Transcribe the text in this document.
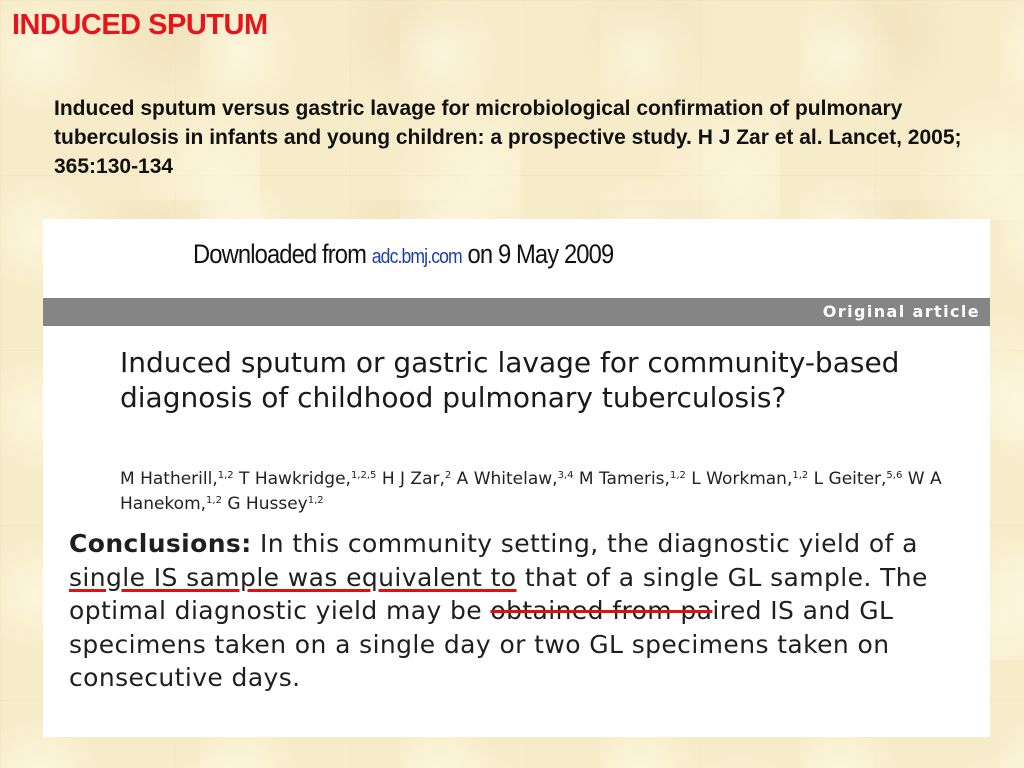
INDUCED SPUTUM

Induced sputum versus gastric lavage for microbiological confirmation of pulmonary tuberculosis in infants and young children: a prospective study. H J Zar et al. Lancet, 2005; 365:130-134

Downloaded from adc.bmj.com on 9 May 2009
Original article
Induced sputum or gastric lavage for community-based diagnosis of childhood pulmonary tuberculosis?

M Hatherill,$^{1,2}$ T Hawkridge,$^{1,2,5}$ H J Zar,$^2$ A Whitelaw,$^{3,4}$ M Tameris,$^{1,2}$ L Workman,$^{1,2}$ L Geiter,$^{5,6}$ W A Hanekom,$^{1,2}$ G Hussey$^{1,2}$

Conclusions: In this community setting, the diagnostic yield of a single IS sample was equivalent to that of a single GL sample. The optimal diagnostic yield may be obtained from paired IS and GL specimens taken on a single day or two GL specimens taken on consecutive days.
